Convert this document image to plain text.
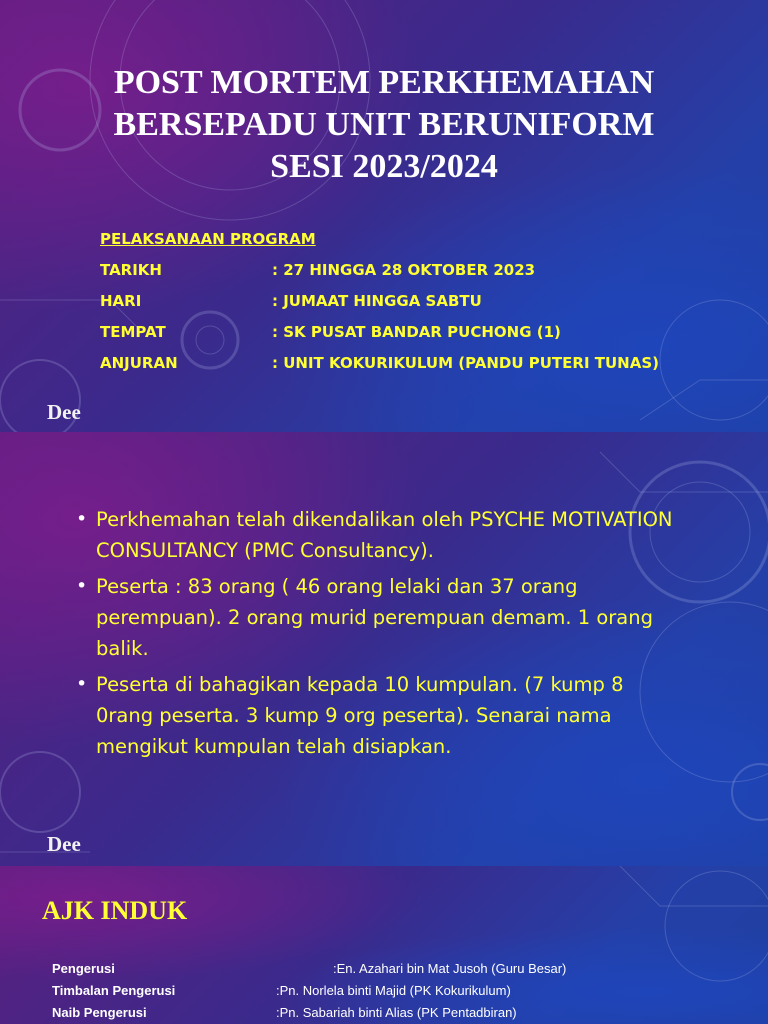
POST MORTEM PERKHEMAHAN
BERSEPADU UNIT BERUNIFORM
SESI 2023/2024
PELAKSANAAN PROGRAM
TARIKH	: 27 HINGGA 28 OKTOBER 2023
HARI	: JUMAAT HINGGA SABTU
TEMPAT	: SK PUSAT BANDAR PUCHONG (1)
ANJURAN	: UNIT KOKURIKULUM (PANDU PUTERI TUNAS)
Dee
• Perkhemahan telah dikendalikan oleh PSYCHE MOTIVATION CONSULTANCY (PMC Consultancy).
• Peserta : 83 orang ( 46 orang lelaki dan 37 orang perempuan). 2 orang murid perempuan demam. 1 orang balik.
• Peserta di bahagikan kepada 10 kumpulan. (7 kump 8 0rang peserta. 3 kump 9 org peserta). Senarai nama mengikut kumpulan telah disiapkan.
Dee
AJK INDUK
Pengerusi	:En. Azahari bin Mat Jusoh (Guru Besar)
Timbalan Pengerusi	:Pn. Norlela binti Majid (PK Kokurikulum)
Naib Pengerusi	:Pn. Sabariah binti Alias (PK Pentadbiran)
